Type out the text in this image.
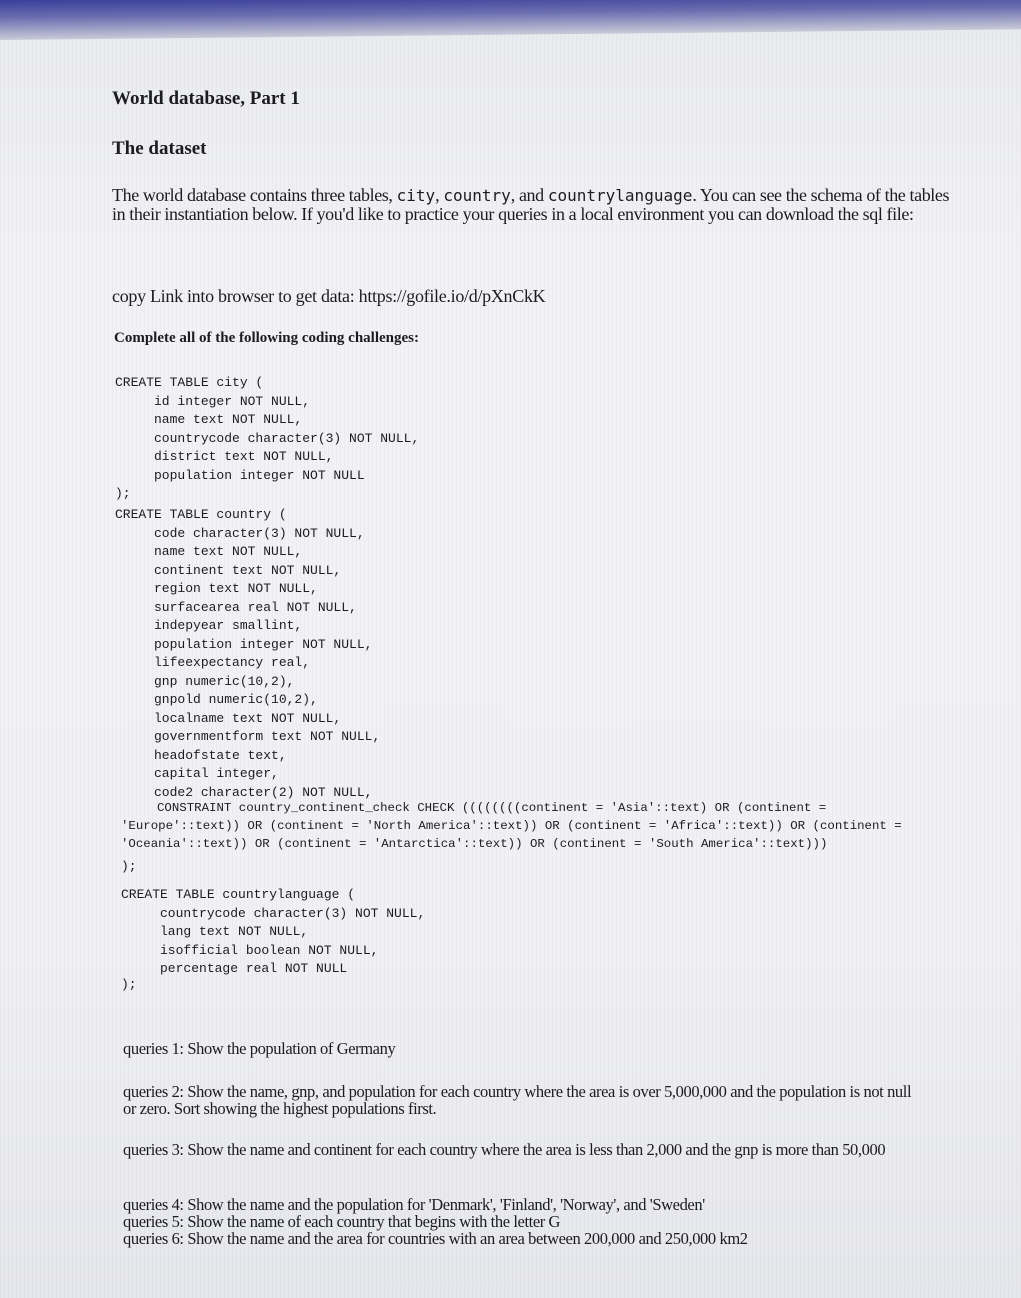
World database, Part 1
The dataset

The world database contains three tables, city, country, and countrylanguage. You can see the schema of the tables in their instantiation below. If you'd like to practice your queries in a local environment you can download the sql file:

copy Link into browser to get data: https://gofile.io/d/pXnCkK

Complete all of the following coding challenges:

CREATE TABLE city (
id integer NOT NULL,
name text NOT NULL,
countrycode character(3) NOT NULL,
district text NOT NULL,
population integer NOT NULL
);
CREATE TABLE country (
code character(3) NOT NULL,
name text NOT NULL,
continent text NOT NULL,
region text NOT NULL,
surfacearea real NOT NULL,
indepyear smallint,
population integer NOT NULL,
lifeexpectancy real,
gnp numeric(10,2),
gnpold numeric(10,2),
localname text NOT NULL,
governmentform text NOT NULL,
headofstate text,
capital integer,
code2 character(2) NOT NULL,
CONSTRAINT country_continent_check CHECK ((((((((continent = 'Asia'::text) OR (continent = 'Europe'::text)) OR (continent = 'North America'::text)) OR (continent = 'Africa'::text)) OR (continent = 'Oceania'::text)) OR (continent = 'Antarctica'::text)) OR (continent = 'South America'::text)))
);
CREATE TABLE countrylanguage (
countrycode character(3) NOT NULL,
lang text NOT NULL,
isofficial boolean NOT NULL,
percentage real NOT NULL
);

queries 1: Show the population of Germany

queries 2: Show the name, gnp, and population for each country where the area is over 5,000,000 and the population is not null or zero. Sort showing the highest populations first.

queries 3: Show the name and continent for each country where the area is less than 2,000 and the gnp is more than 50,000

queries 4: Show the name and the population for 'Denmark', 'Finland', 'Norway', and 'Sweden'
queries 5: Show the name of each country that begins with the letter G
queries 6: Show the name and the area for countries with an area between 200,000 and 250,000 km2
